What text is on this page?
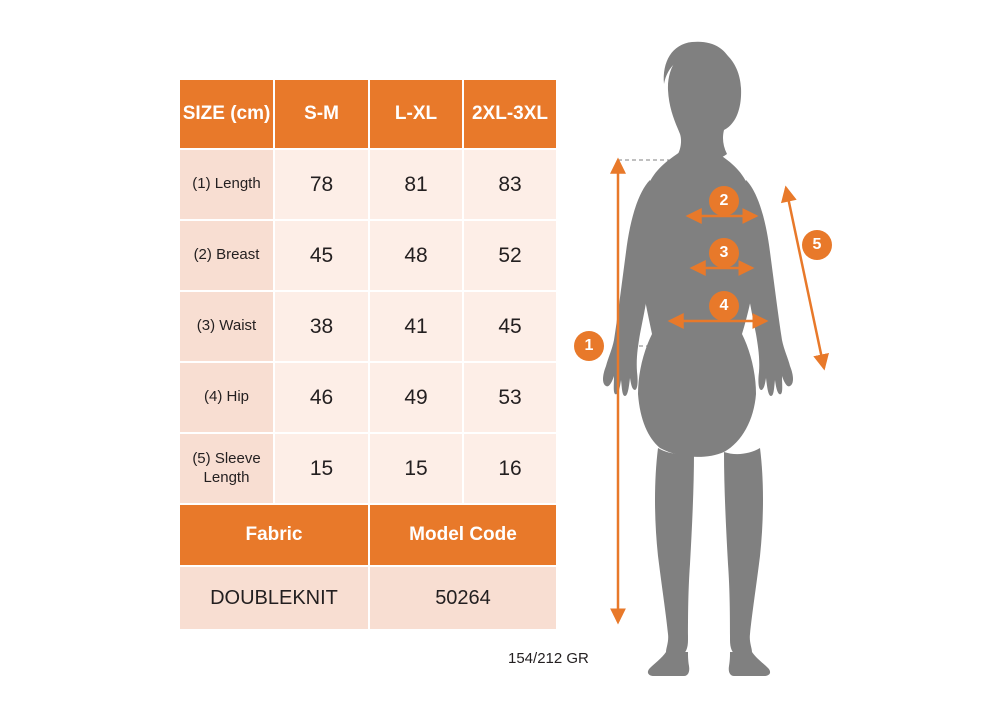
SIZE (cm)	S-M	L-XL	2XL-3XL
(1) Length	78	81	83
(2) Breast	45	48	52
(3) Waist	38	41	45
(4) Hip	46	49	53
(5) Sleeve Length	15	15	16
Fabric		Model Code	
DOUBLEKNIT		50264	
154/212 GR
1
2
3
4
5
